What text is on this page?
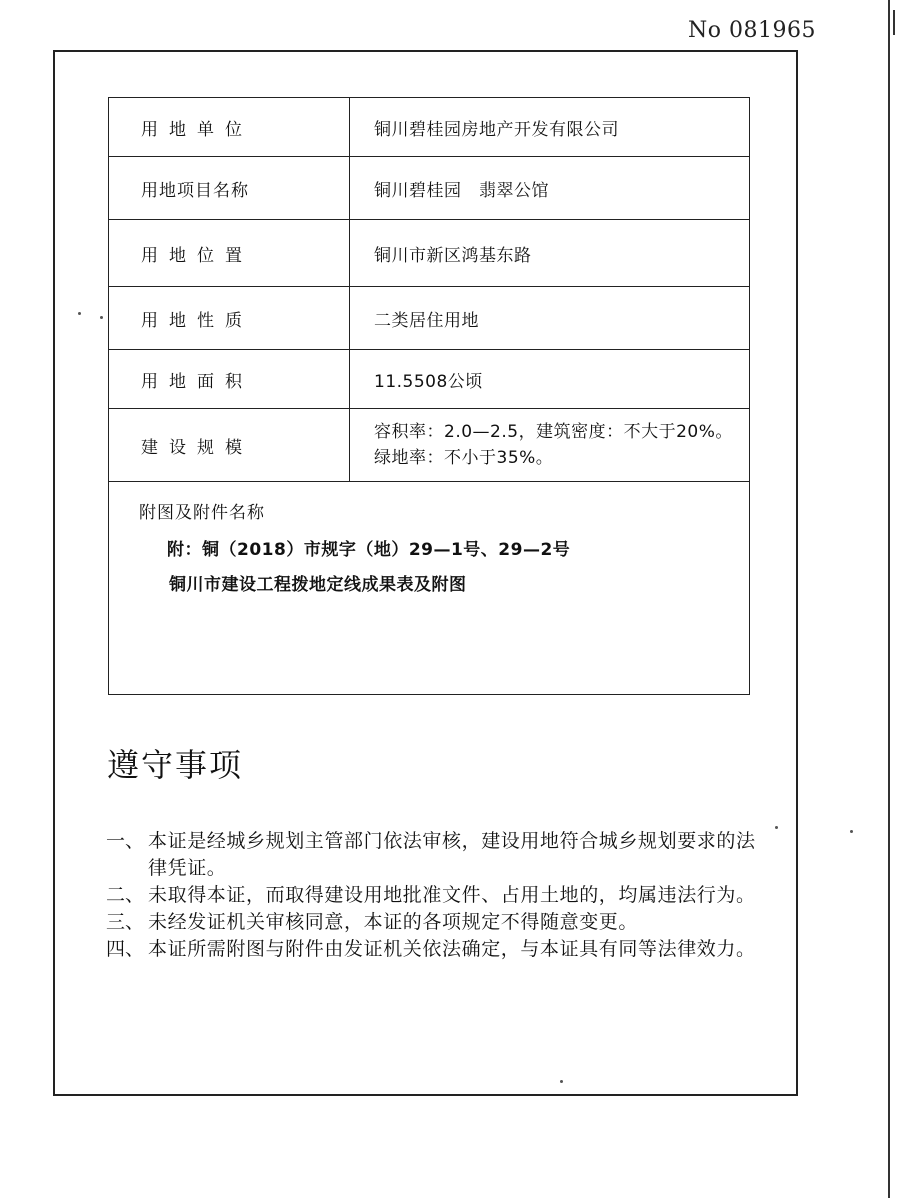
No 081965
用地单位	铜川碧桂园房地产开发有限公司
用地项目名称	铜川碧桂园　翡翠公馆
用地位置	铜川市新区鸿基东路
用地性质	二类居住用地
用地面积	11.5508公顷
建设规模	容积率：2.0—2.5，建筑密度：不大于20%。
绿地率：不小于35%。

附图及附件名称
附：铜（2018）市规字（地）29—1号、29—2号
铜川市建设工程拨地定线成果表及附图	
遵守事项
一、 本证是经城乡规划主管部门依法审核，建设用地符合城乡规划要求的法律凭证。
二、 未取得本证，而取得建设用地批准文件、占用土地的，均属违法行为。
三、 未经发证机关审核同意，本证的各项规定不得随意变更。
四、 本证所需附图与附件由发证机关依法确定，与本证具有同等法律效力。
